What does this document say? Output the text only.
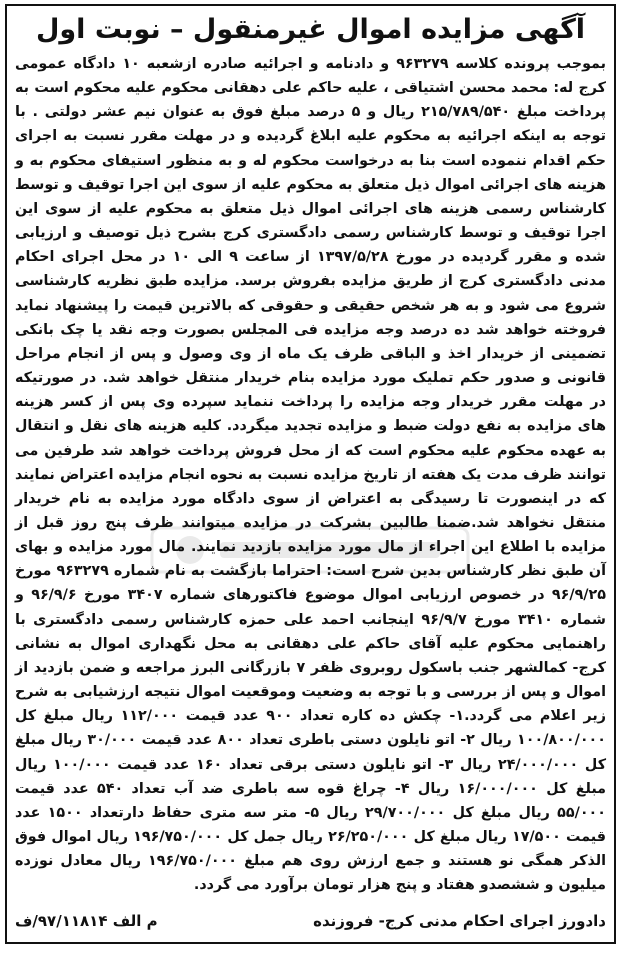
آگهی مزایده اموال غیرمنقول – نوبت اول

بموجب پرونده کلاسه ۹۶۳۲۷۹ و دادنامه و اجرائیه صادره ازشعبه ۱۰ دادگاه عمومی کرج له: محمد محسن اشتیاقی ، علیه حاکم علی دهقانی محکوم علیه محکوم است به پرداخت مبلغ ۲۱۵/۷۸۹/۵۴۰ ریال و ۵ درصد مبلغ فوق به عنوان نیم عشر دولتی . با توجه به اینکه اجرائیه به محکوم علیه ابلاغ گردیده و در مهلت مقرر نسبت به اجرای حکم اقدام ننموده است بنا به درخواست محکوم له و به منظور استیفای محکوم به و هزینه های اجرائی اموال ذیل متعلق به محکوم علیه از سوی این اجرا توقیف و توسط کارشناس رسمی هزینه های اجرائی اموال ذیل متعلق به محکوم علیه از سوی این اجرا توقیف و توسط کارشناس رسمی دادگستری کرج بشرح ذیل توصیف و ارزیابی شده و مقرر گردیده در مورخ ۱۳۹۷/۵/۲۸ از ساعت ۹ الی ۱۰ در محل اجرای احکام مدنی دادگستری کرج از طریق مزایده بفروش برسد. مزایده طبق نظریه کارشناسی شروع می شود و به هر شخص حقیقی و حقوقی که بالاترین قیمت را پیشنهاد نماید فروخته خواهد شد ده درصد وجه مزایده فی المجلس بصورت وجه نقد یا چک بانکی تضمینی از خریدار اخذ و الباقی ظرف یک ماه از وی وصول و پس از انجام مراحل قانونی و صدور حکم تملیک مورد مزایده بنام خریدار منتقل خواهد شد. در صورتیکه در مهلت مقرر خریدار وجه مزایده را پرداخت ننماید سپرده وی پس از کسر هزینه های مزایده به نفع دولت ضبط و مزایده تجدید میگردد. کلیه هزینه های نقل و انتقال به عهده محکوم علیه محکوم است که از محل فروش پرداخت خواهد شد طرفین می توانند ظرف مدت یک هفته از تاریخ مزایده نسبت به نحوه انجام مزایده اعتراض نمایند که در اینصورت تا رسیدگی به اعتراض از سوی دادگاه مورد مزایده به نام خریدار منتقل نخواهد شد.ضمنا طالبین بشرکت در مزایده میتوانند ظرف پنج روز قبل از مزایده با اطلاع این اجراء از مال مورد مزایده بازدید نمایند. مال مورد مزایده و بهای آن طبق نظر کارشناس بدین شرح است: احتراما بازگشت به نام شماره ۹۶۳۲۷۹ مورخ ۹۶/۹/۲۵ در خصوص ارزیابی اموال موضوع فاکتورهای شماره ۳۴۰۷ مورخ ۹۶/۹/۶ و شماره ۳۴۱۰ مورخ ۹۶/۹/۷ اینجانب احمد علی حمزه کارشناس رسمی دادگستری با راهنمایی محکوم علیه آقای حاکم علی دهقانی به محل نگهداری اموال به نشانی کرج- کمالشهر جنب باسکول روبروی ظفر ۷ بازرگانی البرز مراجعه و ضمن بازدید از اموال و پس از بررسی و با توجه به وضعیت وموقعیت اموال نتیجه ارزشیابی به شرح زیر اعلام می گردد.۱- چکش ده کاره تعداد ۹۰۰ عدد قیمت ۱۱۲/۰۰۰ ریال مبلغ کل ۱۰۰/۸۰۰/۰۰۰ ریال ۲- اتو نایلون دستی باطری تعداد ۸۰۰ عدد قیمت ۳۰/۰۰۰ ریال مبلغ کل ۲۴/۰۰۰/۰۰۰ ریال ۳- اتو نایلون دستی برقی تعداد ۱۶۰ عدد قیمت ۱۰۰/۰۰۰ ریال مبلغ کل ۱۶/۰۰۰/۰۰۰ ریال ۴- چراغ قوه سه باطری ضد آب تعداد ۵۴۰ عدد قیمت ۵۵/۰۰۰ ریال مبلغ کل ۲۹/۷۰۰/۰۰۰ ریال ۵- متر سه متری حفاظ دارتعداد ۱۵۰۰ عدد قیمت ۱۷/۵۰۰ ریال مبلغ کل ۲۶/۲۵۰/۰۰۰ ریال جمل کل ۱۹۶/۷۵۰/۰۰۰ ریال اموال فوق الذکر همگی نو هستند و جمع ارزش روی هم مبلغ ۱۹۶/۷۵۰/۰۰۰ ریال معادل نوزده میلیون و ششصدو هفتاد و پنج هزار تومان برآورد می گردد.

دادورز اجرای احکام مدنی کرج- فروزنده
م الف ۹۷/۱۱۸۱۴/ف
